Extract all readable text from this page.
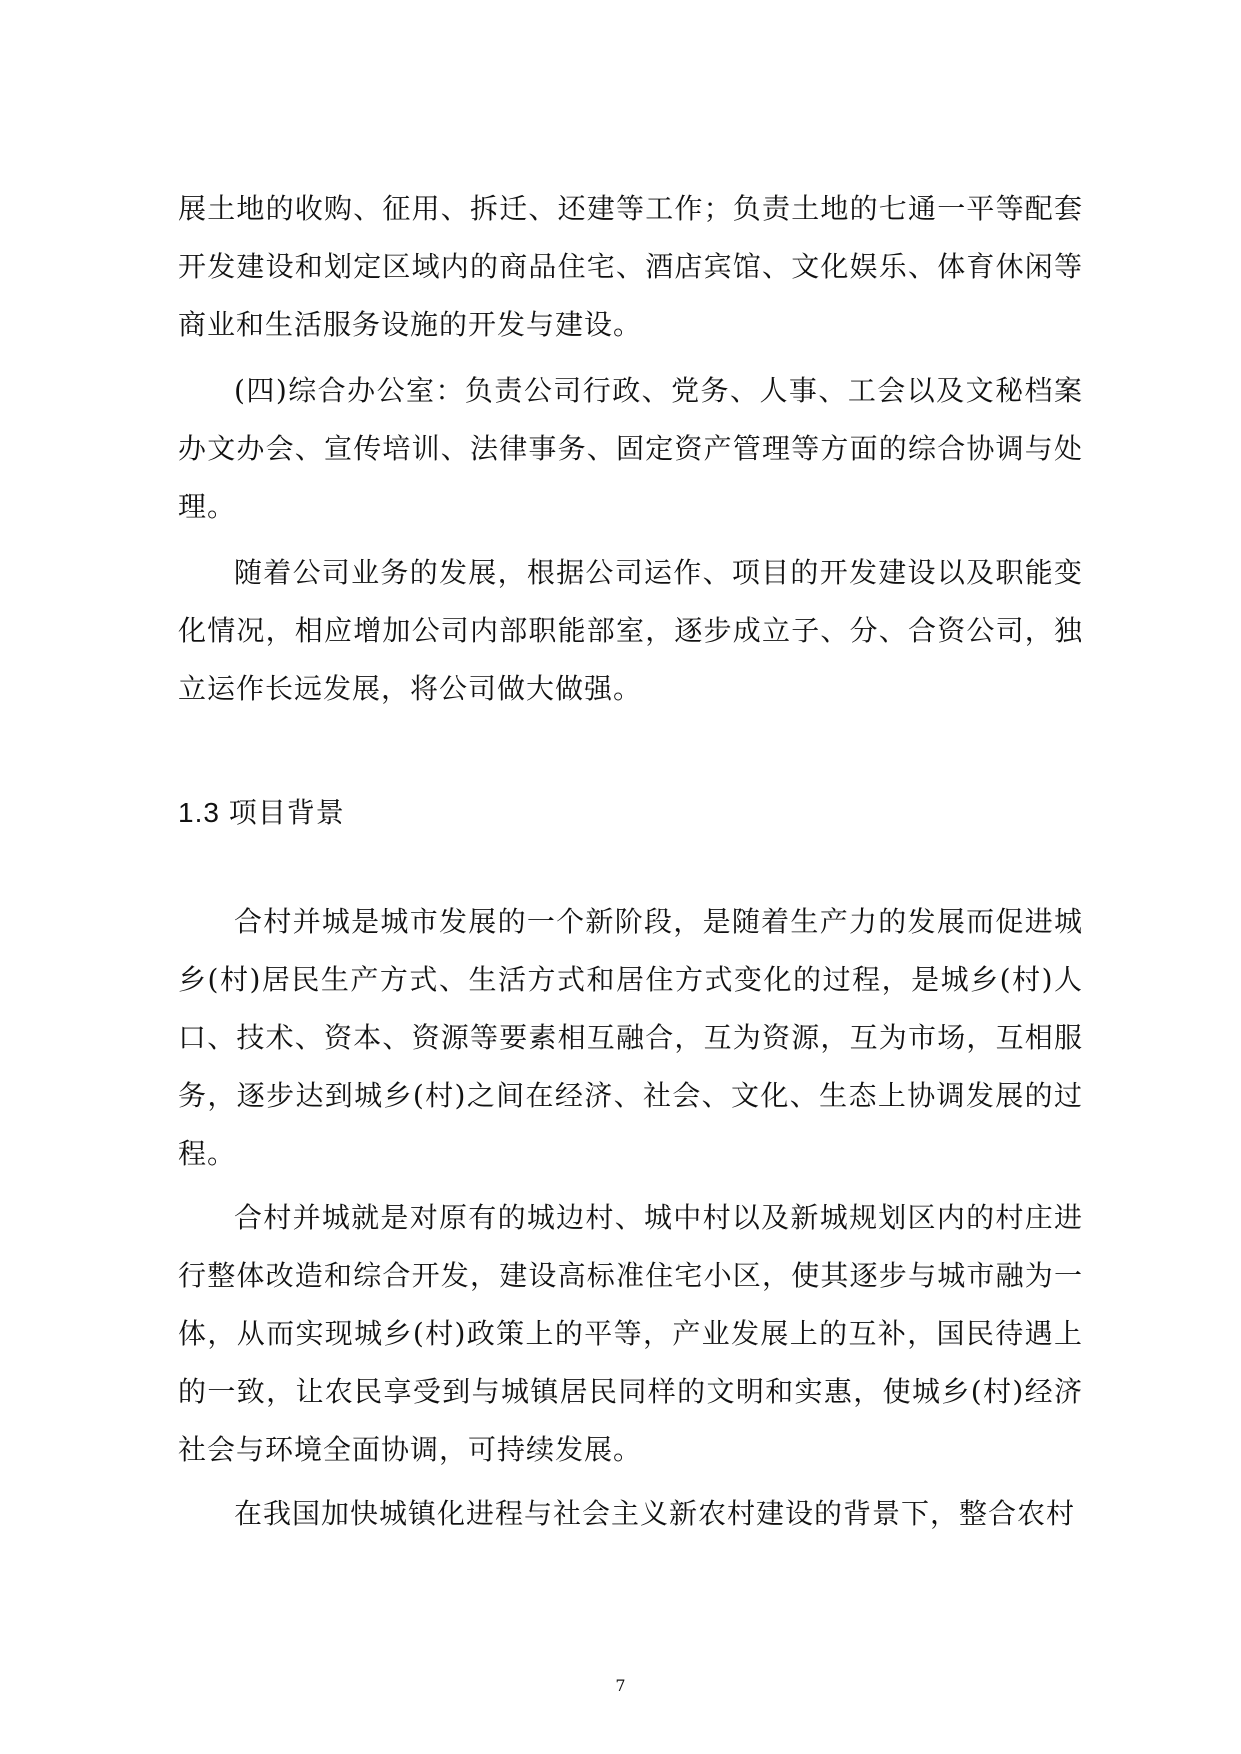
展土地的收购、征用、拆迁、还建等工作；负责土地的七通一平等配套开发建设和划定区域内的商品住宅、酒店宾馆、文化娱乐、体育休闲等商业和生活服务设施的开发与建设。

(四)综合办公室：负责公司行政、党务、人事、工会以及文秘档案办文办会、宣传培训、法律事务、固定资产管理等方面的综合协调与处理。

随着公司业务的发展，根据公司运作、项目的开发建设以及职能变化情况，相应增加公司内部职能部室，逐步成立子、分、合资公司，独立运作长远发展，将公司做大做强。

1.3 项目背景

合村并城是城市发展的一个新阶段，是随着生产力的发展而促进城乡(村)居民生产方式、生活方式和居住方式变化的过程，是城乡(村)人口、技术、资本、资源等要素相互融合，互为资源，互为市场，互相服务，逐步达到城乡(村)之间在经济、社会、文化、生态上协调发展的过程。

合村并城就是对原有的城边村、城中村以及新城规划区内的村庄进行整体改造和综合开发，建设高标准住宅小区，使其逐步与城市融为一体，从而实现城乡(村)政策上的平等，产业发展上的互补，国民待遇上的一致，让农民享受到与城镇居民同样的文明和实惠，使城乡(村)经济社会与环境全面协调，可持续发展。

在我国加快城镇化进程与社会主义新农村建设的背景下，整合农村

7
